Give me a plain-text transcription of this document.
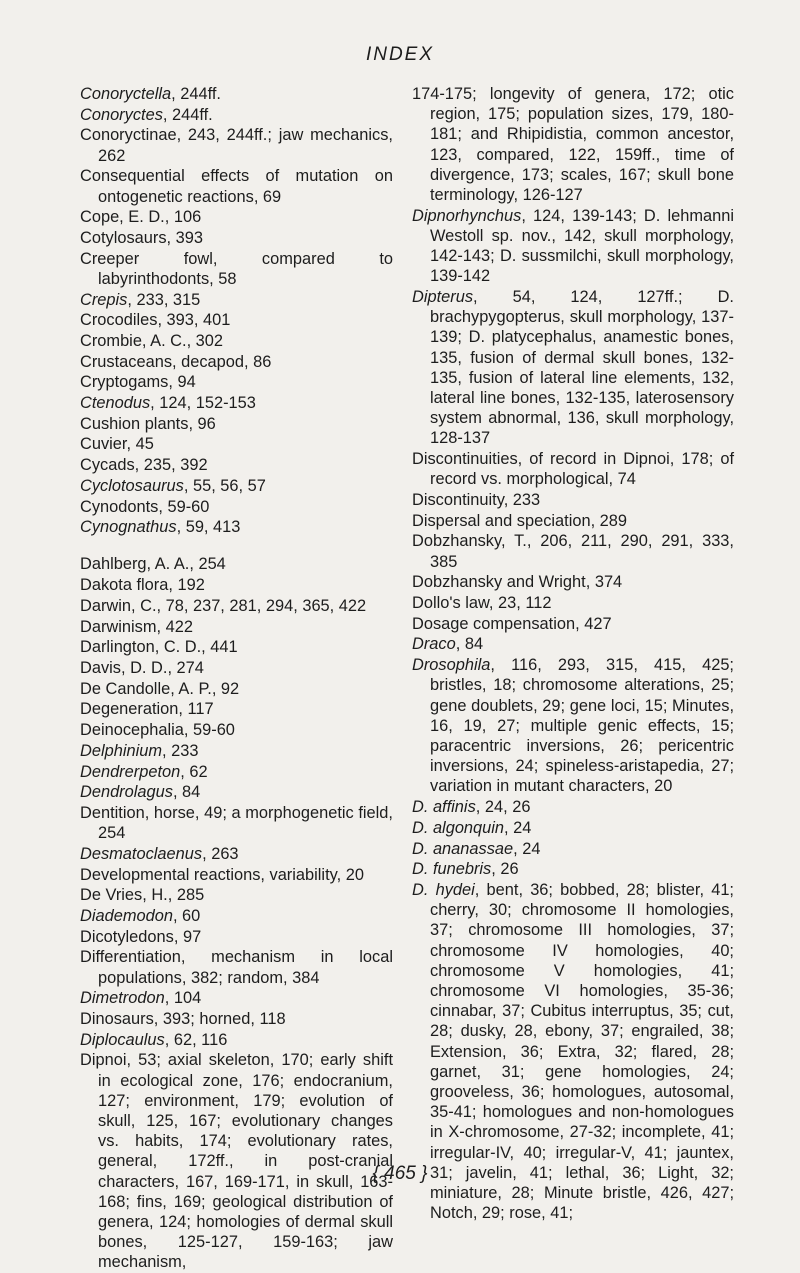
INDEX

Conoryctella, 244ff.

Conoryctes, 244ff.

Conoryctinae, 243, 244ff.; jaw mechanics, 262

Consequential effects of mutation on ontogenetic reactions, 69

Cope, E. D., 106

Cotylosaurs, 393

Creeper fowl, compared to labyrinthodonts, 58

Crepis, 233, 315

Crocodiles, 393, 401

Crombie, A. C., 302

Crustaceans, decapod, 86

Cryptogams, 94

Ctenodus, 124, 152-153

Cushion plants, 96

Cuvier, 45

Cycads, 235, 392

Cyclotosaurus, 55, 56, 57

Cynodonts, 59-60

Cynognathus, 59, 413

Dahlberg, A. A., 254

Dakota flora, 192

Darwin, C., 78, 237, 281, 294, 365, 422

Darwinism, 422

Darlington, C. D., 441

Davis, D. D., 274

De Candolle, A. P., 92

Degeneration, 117

Deinocephalia, 59-60

Delphinium, 233

Dendrerpeton, 62

Dendrolagus, 84

Dentition, horse, 49; a morphogenetic field, 254

Desmatoclaenus, 263

Developmental reactions, variability, 20

De Vries, H., 285

Diademodon, 60

Dicotyledons, 97

Differentiation, mechanism in local populations, 382; random, 384

Dimetrodon, 104

Dinosaurs, 393; horned, 118

Diplocaulus, 62, 116

Dipnoi, 53; axial skeleton, 170; early shift in ecological zone, 176; endocranium, 127; environment, 179; evolution of skull, 125, 167; evolutionary changes vs. habits, 174; evolutionary rates, general, 172ff., in post-cranial characters, 167, 169-171, in skull, 163-168; fins, 169; geological distribution of genera, 124; homologies of dermal skull bones, 125-127, 159-163; jaw mechanism,

174-175; longevity of genera, 172; otic region, 175; population sizes, 179, 180-181; and Rhipidistia, common ancestor, 123, compared, 122, 159ff., time of divergence, 173; scales, 167; skull bone terminology, 126-127

Dipnorhynchus, 124, 139-143; D. lehmanni Westoll sp. nov., 142, skull morphology, 142-143; D. sussmilchi, skull morphology, 139-142

Dipterus, 54, 124, 127ff.; D. brachypygopterus, skull morphology, 137-139; D. platycephalus, anamestic bones, 135, fusion of dermal skull bones, 132-135, fusion of lateral line elements, 132, lateral line bones, 132-135, laterosensory system abnormal, 136, skull morphology, 128-137

Discontinuities, of record in Dipnoi, 178; of record vs. morphological, 74

Discontinuity, 233

Dispersal and speciation, 289

Dobzhansky, T., 206, 211, 290, 291, 333, 385

Dobzhansky and Wright, 374

Dollo's law, 23, 112

Dosage compensation, 427

Draco, 84

Drosophila, 116, 293, 315, 415, 425; bristles, 18; chromosome alterations, 25; gene doublets, 29; gene loci, 15; Minutes, 16, 19, 27; multiple genic effects, 15; paracentric inversions, 26; pericentric inversions, 24; spineless-aristapedia, 27; variation in mutant characters, 20

D. affinis, 24, 26

D. algonquin, 24

D. ananassae, 24

D. funebris, 26

D. hydei, bent, 36; bobbed, 28; blister, 41; cherry, 30; chromosome II homologies, 37; chromosome III homologies, 37; chromosome IV homologies, 40; chromosome V homologies, 41; chromosome VI homologies, 35-36; cinnabar, 37; Cubitus interruptus, 35; cut, 28; dusky, 28, ebony, 37; engrailed, 38; Extension, 36; Extra, 32; flared, 28; garnet, 31; gene homologies, 24; grooveless, 36; homologues, autosomal, 35-41; homologues and non-homologues in X-chromosome, 27-32; incomplete, 41; irregular-IV, 40; irregular-V, 41; jauntex, 31; javelin, 41; lethal, 36; Light, 32; miniature, 28; Minute bristle, 426, 427; Notch, 29; rose, 41;

{ 465 }
